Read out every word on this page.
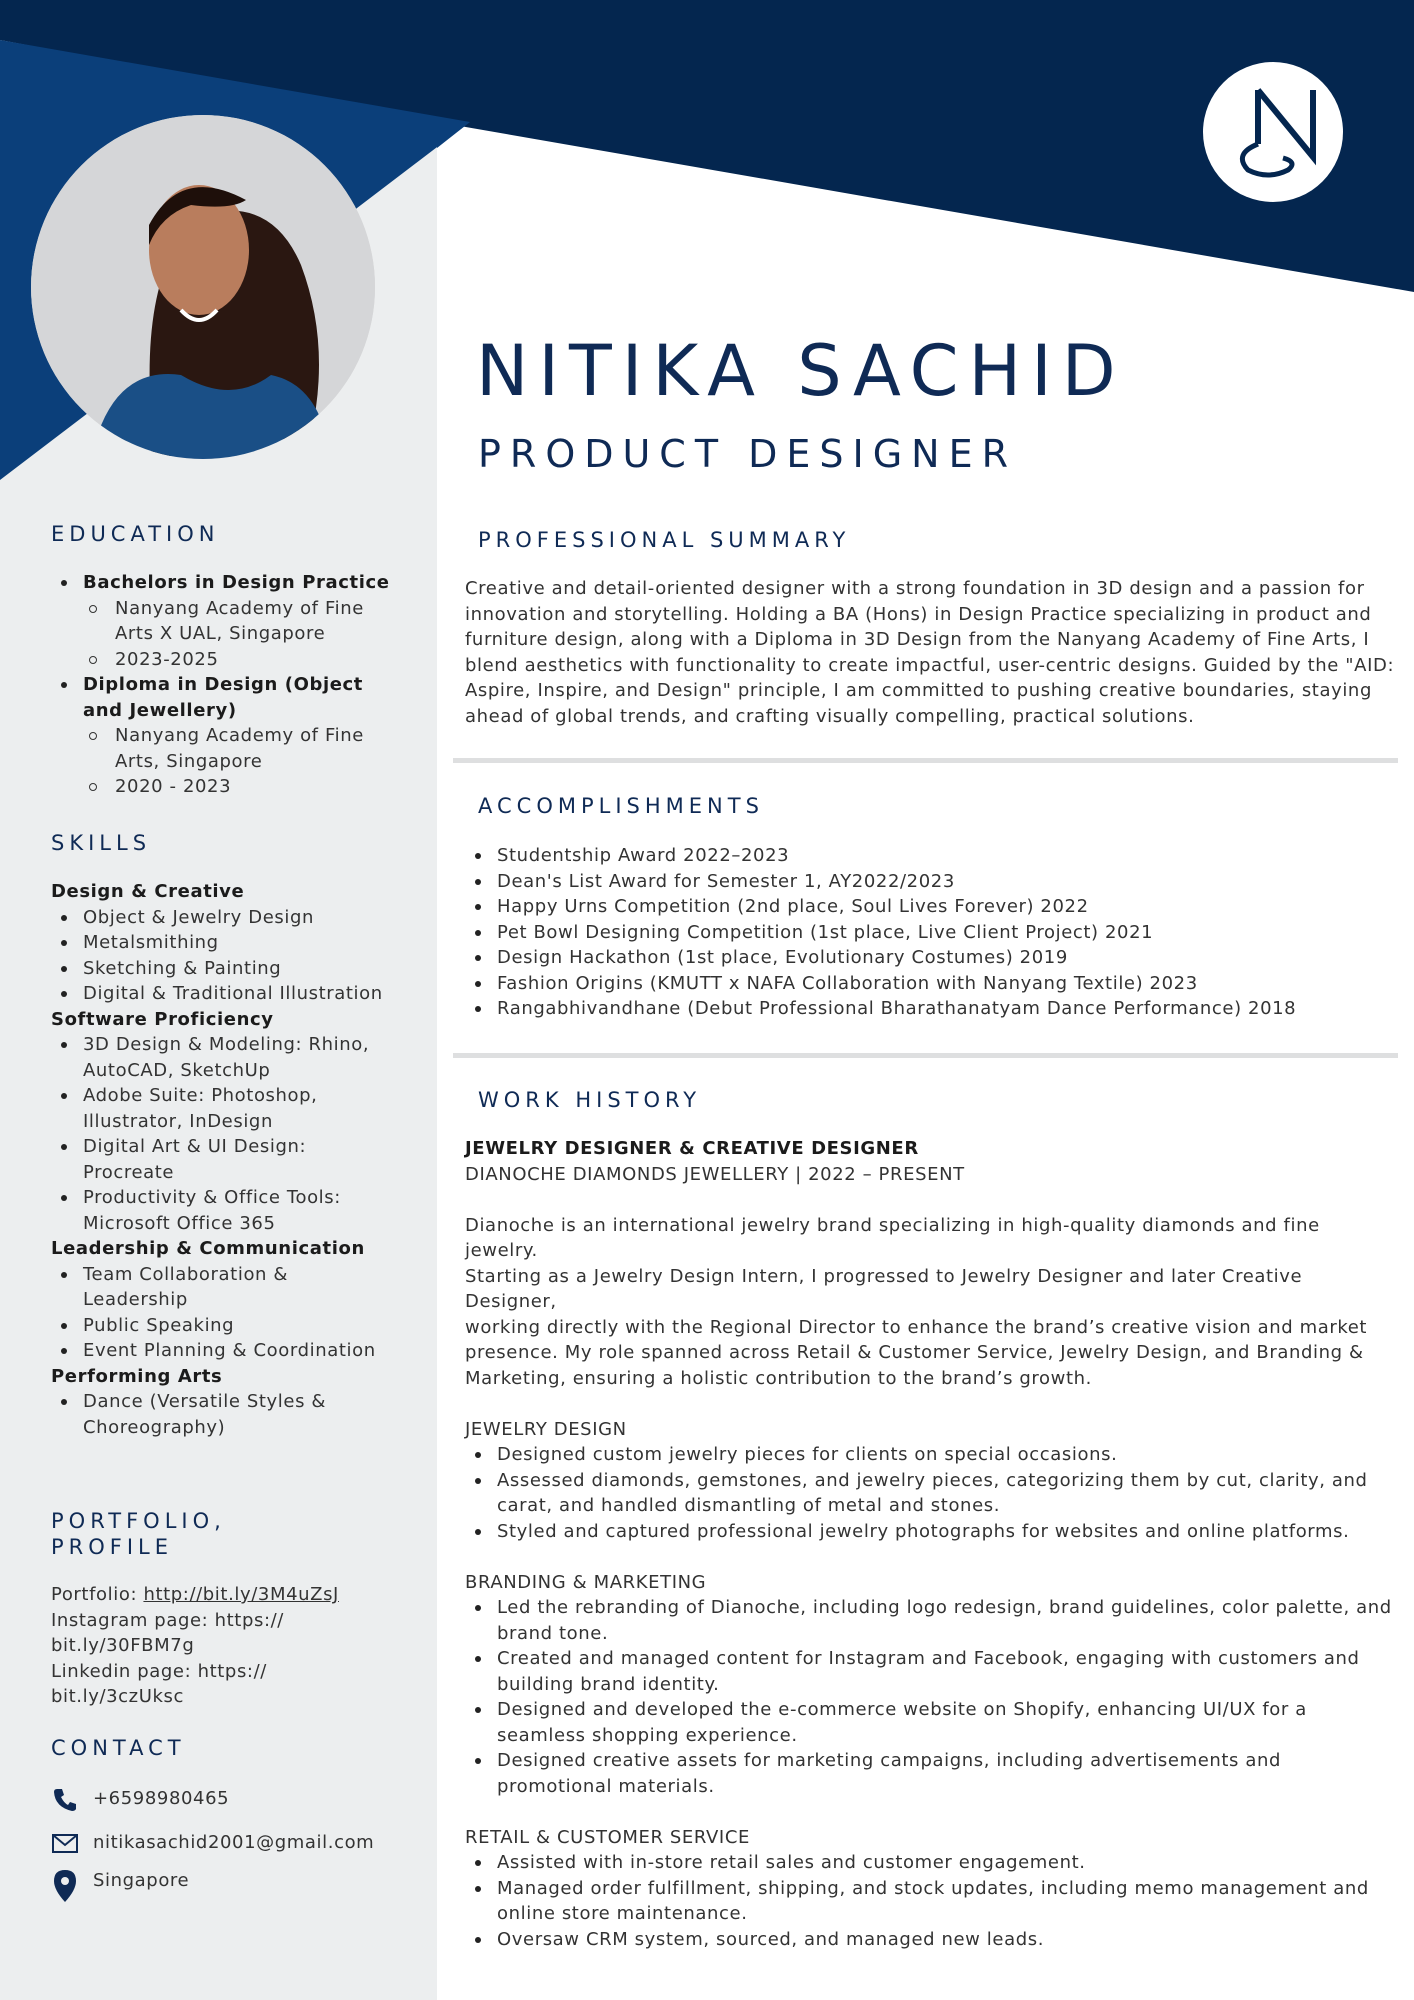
NITIKA SACHID
PRODUCT DESIGNER
EDUCATION
Bachelors in Design Practice
Nanyang Academy of Fine Arts X UAL, Singapore
2023-2025
Diploma in Design (Object and Jewellery)
Nanyang Academy of Fine Arts, Singapore
2020 - 2023
SKILLS
Design & Creative
Object & Jewelry Design
Metalsmithing
Sketching & Painting
Digital & Traditional Illustration
Software Proficiency
3D Design & Modeling: Rhino, AutoCAD, SketchUp
Adobe Suite: Photoshop, Illustrator, InDesign
Digital Art & UI Design: Procreate
Productivity & Office Tools: Microsoft Office 365
Leadership & Communication
Team Collaboration & Leadership
Public Speaking
Event Planning & Coordination
Performing Arts
Dance (Versatile Styles & Choreography)
PORTFOLIO,
PROFILE
Portfolio: http://bit.ly/3M4uZsJ
Instagram page: https://
bit.ly/30FBM7g
Linkedin page: https://
bit.ly/3czUksc
CONTACT
+6598980465
nitikasachid2001@gmail.com
Singapore
PROFESSIONAL SUMMARY
Creative and detail-oriented designer with a strong foundation in 3D design and a passion for
innovation and storytelling. Holding a BA (Hons) in Design Practice specializing in product and
furniture design, along with a Diploma in 3D Design from the Nanyang Academy of Fine Arts, I
blend aesthetics with functionality to create impactful, user-centric designs. Guided by the "AID:
Aspire, Inspire, and Design" principle, I am committed to pushing creative boundaries, staying
ahead of global trends, and crafting visually compelling, practical solutions.
ACCOMPLISHMENTS
Studentship Award 2022–2023
Dean's List Award for Semester 1, AY2022/2023
Happy Urns Competition (2nd place, Soul Lives Forever) 2022
Pet Bowl Designing Competition (1st place, Live Client Project) 2021
Design Hackathon (1st place, Evolutionary Costumes) 2019
Fashion Origins (KMUTT x NAFA Collaboration with Nanyang Textile) 2023
Rangabhivandhane (Debut Professional Bharathanatyam Dance Performance) 2018
WORK HISTORY
JEWELRY DESIGNER & CREATIVE DESIGNER
DIANOCHE DIAMONDS JEWELLERY | 2022 – PRESENT
Dianoche is an international jewelry brand specializing in high-quality diamonds and fine jewelry.
Starting as a Jewelry Design Intern, I progressed to Jewelry Designer and later Creative Designer,
working directly with the Regional Director to enhance the brand’s creative vision and market
presence. My role spanned across Retail & Customer Service, Jewelry Design, and Branding &
Marketing, ensuring a holistic contribution to the brand’s growth.
JEWELRY DESIGN
Designed custom jewelry pieces for clients on special occasions.
Assessed diamonds, gemstones, and jewelry pieces, categorizing them by cut, clarity, and carat, and handled dismantling of metal and stones.
Styled and captured professional jewelry photographs for websites and online platforms.
BRANDING & MARKETING
Led the rebranding of Dianoche, including logo redesign, brand guidelines, color palette, and brand tone.
Created and managed content for Instagram and Facebook, engaging with customers and building brand identity.
Designed and developed the e-commerce website on Shopify, enhancing UI/UX for a seamless shopping experience.
Designed creative assets for marketing campaigns, including advertisements and promotional materials.
RETAIL & CUSTOMER SERVICE
Assisted with in-store retail sales and customer engagement.
Managed order fulfillment, shipping, and stock updates, including memo management and online store maintenance.
Oversaw CRM system, sourced, and managed new leads.
